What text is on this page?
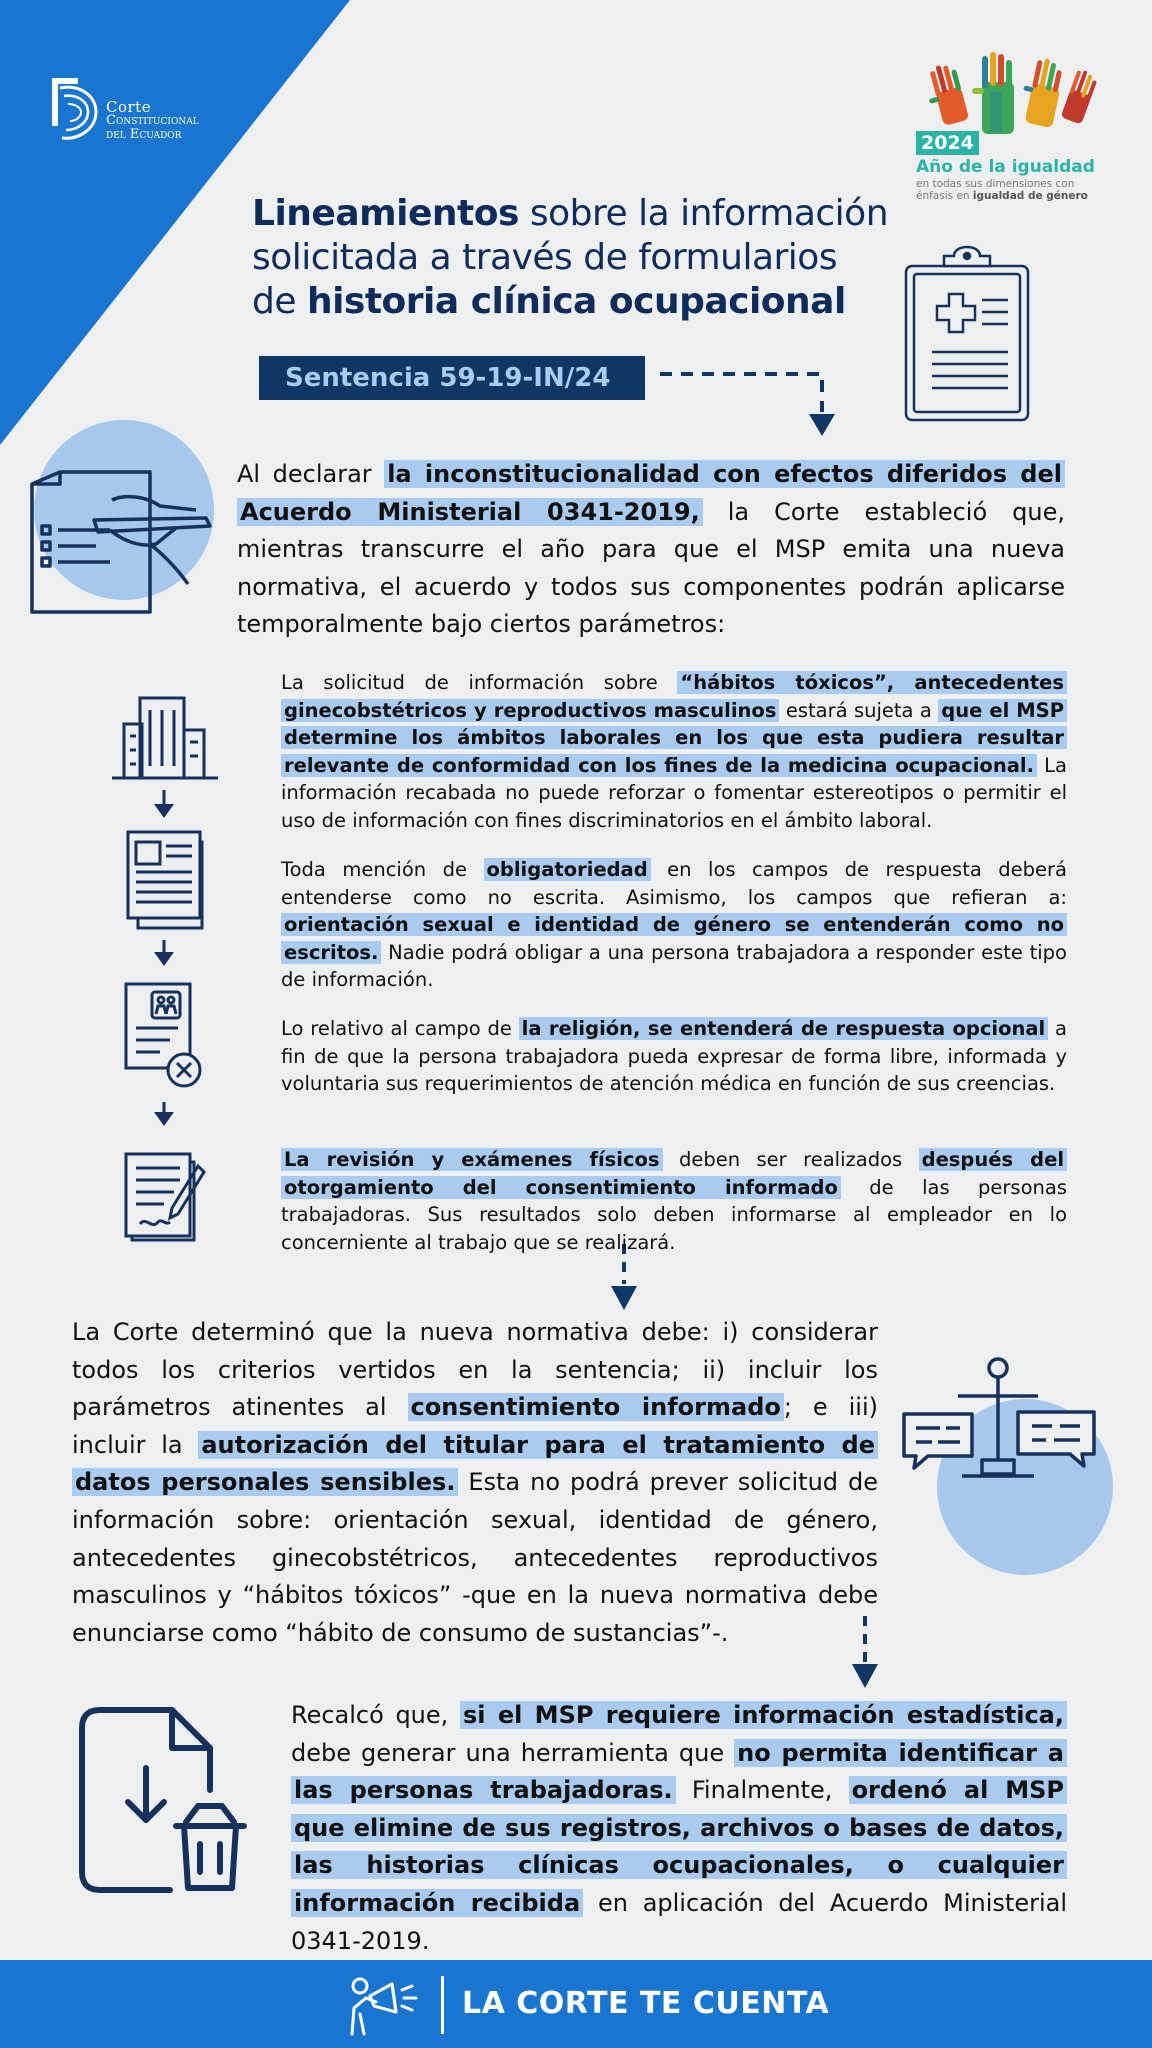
Corte
Constitucional
del Ecuador	2024
Año de la igualdad
en todas sus dimensiones con
énfasis en igualdad de género
Lineamientos sobre la información
solicitada a través de formularios
de historia clínica ocupacional
Sentencia 59-19-IN/24
Al declarar la inconstitucionalidad con efectos diferidos del Acuerdo Ministerial 0341-2019, la Corte estableció que, mientras transcurre el año para que el MSP emita una nueva normativa, el acuerdo y todos sus componentes podrán aplicarse temporalmente bajo ciertos parámetros:
La solicitud de información sobre “hábitos tóxicos”, antecedentes ginecobstétricos y reproductivos masculinos estará sujeta a que el MSP determine los ámbitos laborales en los que esta pudiera resultar relevante de conformidad con los fines de la medicina ocupacional. La información recabada no puede reforzar o fomentar estereotipos o permitir el uso de información con fines discriminatorios en el ámbito laboral.
Toda mención de obligatoriedad en los campos de respuesta deberá entenderse como no escrita. Asimismo, los campos que refieran a: orientación sexual e identidad de género se entenderán como no escritos. Nadie podrá obligar a una persona trabajadora a responder este tipo de información.
Lo relativo al campo de la religión, se entenderá de respuesta opcional a fin de que la persona trabajadora pueda expresar de forma libre, informada y voluntaria sus requerimientos de atención médica en función de sus creencias.
La revisión y exámenes físicos deben ser realizados después del otorgamiento del consentimiento informado de las personas trabajadoras. Sus resultados solo deben informarse al empleador en lo concerniente al trabajo que se realizará.
La Corte determinó que la nueva normativa debe: i) considerar todos los criterios vertidos en la sentencia; ii) incluir los parámetros atinentes al consentimiento informado ; e iii) incluir la autorización del titular para el tratamiento de datos personales sensibles. Esta no podrá prever solicitud de información sobre: orientación sexual, identidad de género, antecedentes ginecobstétricos, antecedentes reproductivos masculinos y “hábitos tóxicos” -que en la nueva normativa debe enunciarse como “hábito de consumo de sustancias”-.
Recalcó que, si el MSP requiere información estadística, debe generar una herramienta que no permita identificar a las personas trabajadoras. Finalmente, ordenó al MSP que elimine de sus registros, archivos o bases de datos, las historias clínicas ocupacionales, o cualquier información recibida en aplicación del Acuerdo Ministerial 0341-2019.
LA CORTE TE CUENTA
